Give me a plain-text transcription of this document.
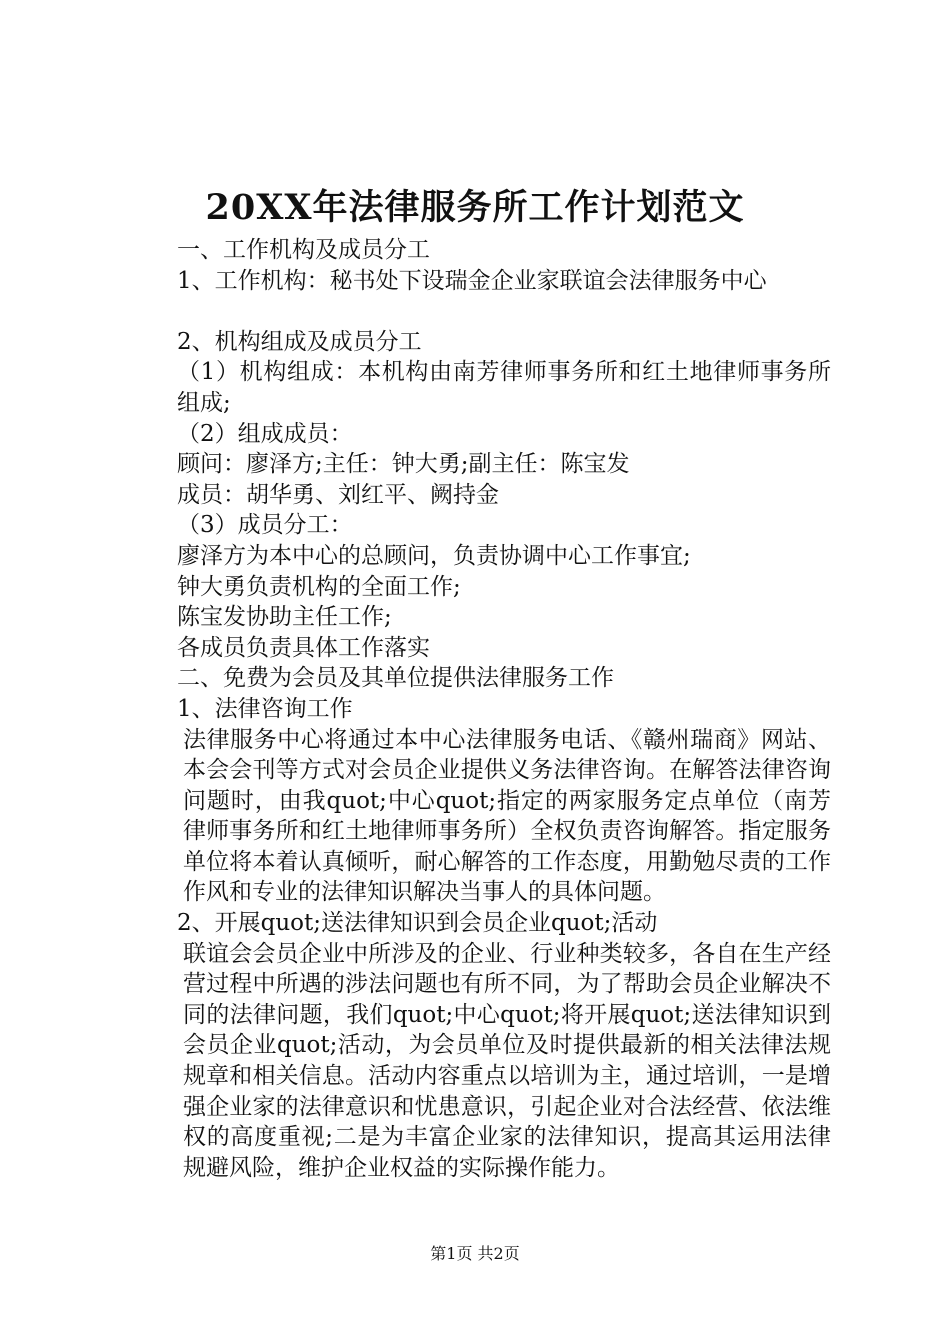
20XX年法律服务所工作计划范文

一、工作机构及成员分工

1、工作机构：秘书处下设瑞金企业家联谊会法律服务中心

2、机构组成及成员分工

（1）机构组成：本机构由南芳律师事务所和红土地律师事务所组成;

（2）组成成员：

顾问：廖泽方;主任：钟大勇;副主任：陈宝发

成员：胡华勇、刘红平、阙持金

（3）成员分工：

廖泽方为本中心的总顾问，负责协调中心工作事宜;

钟大勇负责机构的全面工作;

陈宝发协助主任工作;

各成员负责具体工作落实

二、免费为会员及其单位提供法律服务工作

1、法律咨询工作

法律服务中心将通过本中心法律服务电话、《赣州瑞商》网站、本会会刊等方式对会员企业提供义务法律咨询。在解答法律咨询问题时，由我quot;中心quot;指定的两家服务定点单位（南芳律师事务所和红土地律师事务所）全权负责咨询解答。指定服务单位将本着认真倾听，耐心解答的工作态度，用勤勉尽责的工作作风和专业的法律知识解决当事人的具体问题。

2、开展quot;送法律知识到会员企业quot;活动

联谊会会员企业中所涉及的企业、行业种类较多，各自在生产经营过程中所遇的涉法问题也有所不同，为了帮助会员企业解决不同的法律问题，我们quot;中心quot;将开展quot;送法律知识到会员企业quot;活动，为会员单位及时提供最新的相关法律法规规章和相关信息。活动内容重点以培训为主，通过培训，一是增强企业家的法律意识和忧患意识，引起企业对合法经营、依法维权的高度重视;二是为丰富企业家的法律知识，提高其运用法律规避风险，维护企业权益的实际操作能力。

第1页 共2页
